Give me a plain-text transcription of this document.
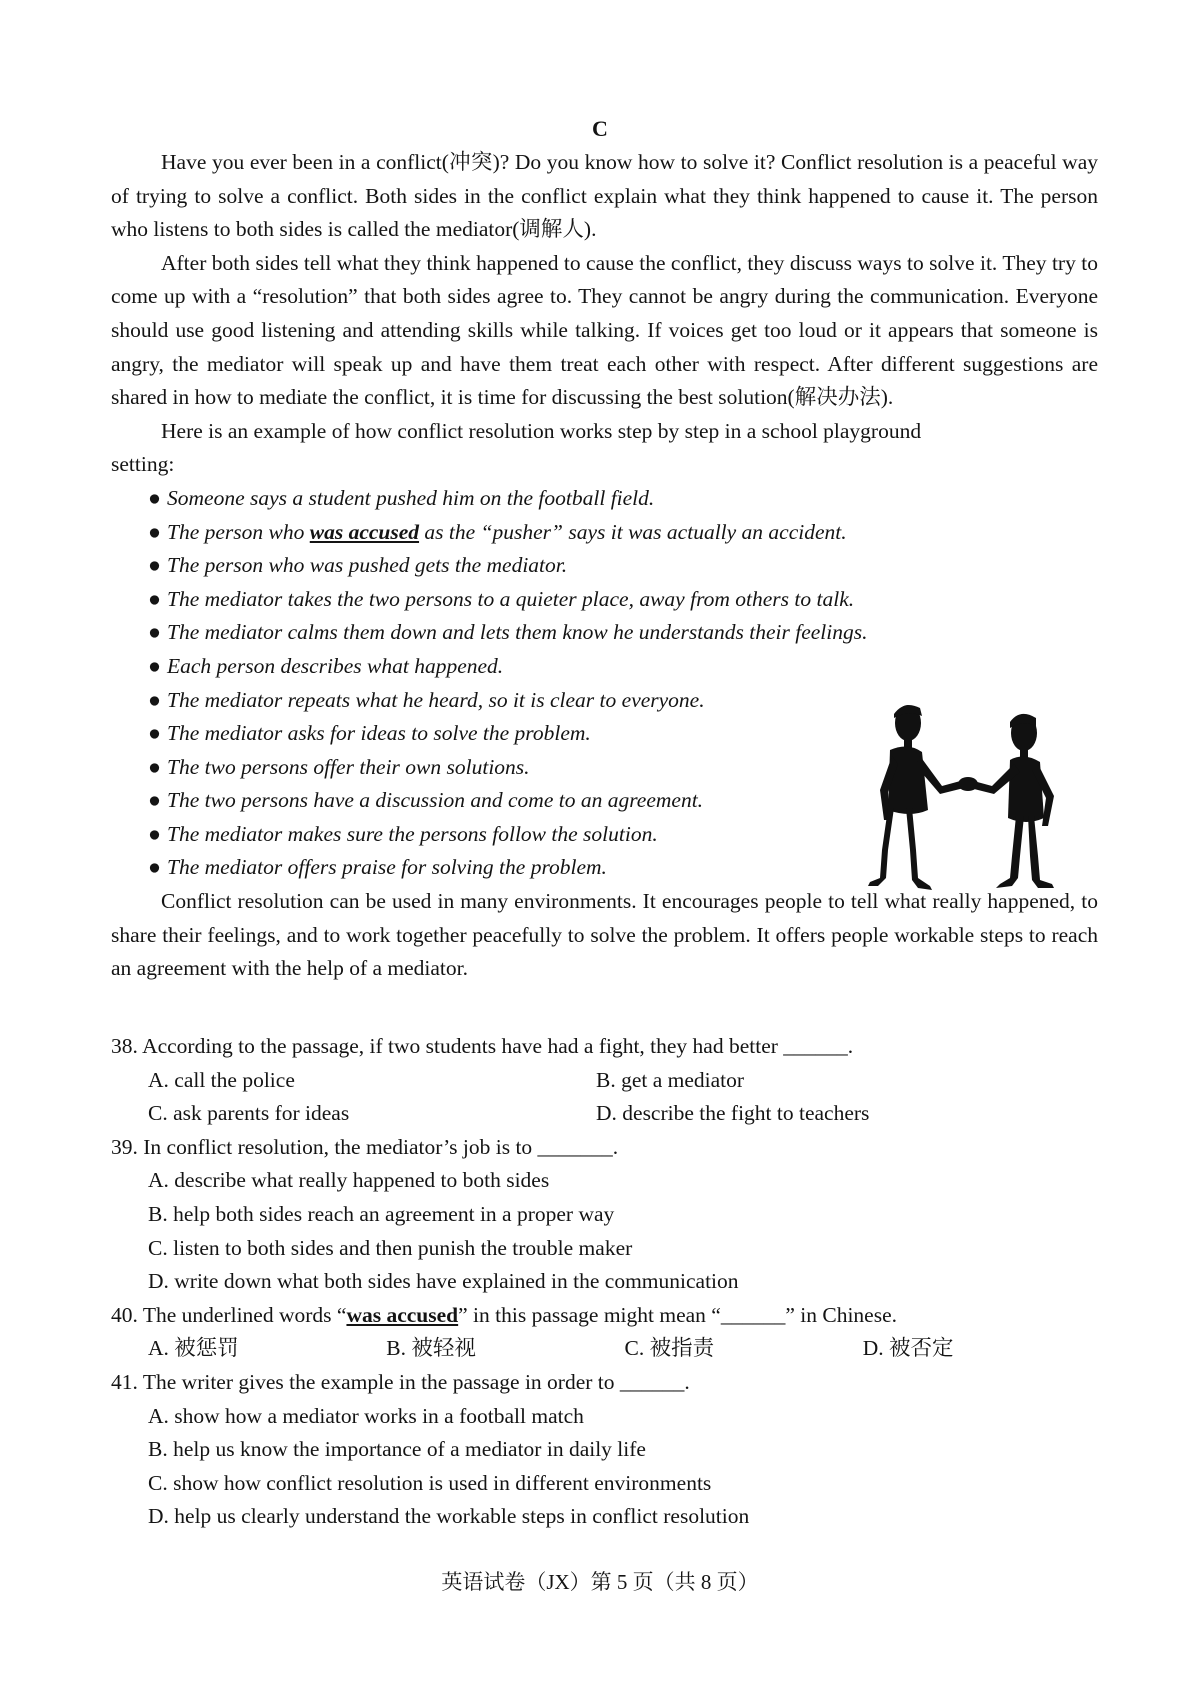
C

Have you ever been in a conflict(冲突)? Do you know how to solve it? Conflict resolution is a peaceful way of trying to solve a conflict. Both sides in the conflict explain what they think happened to cause it. The person who listens to both sides is called the mediator(调解人).

After both sides tell what they think happened to cause the conflict, they discuss ways to solve it. They try to come up with a “resolution” that both sides agree to. They cannot be angry during the communication. Everyone should use good listening and attending skills while talking. If voices get too loud or it appears that someone is angry, the mediator will speak up and have them treat each other with respect. After different suggestions are shared in how to mediate the conflict, it is time for discussing the best solution(解决办法).

Here is an example of how conflict resolution works step by step in a school playground

setting:

● Someone says a student pushed him on the football field.
● The person who was accused as the “pusher” says it was actually an accident.
● The person who was pushed gets the mediator.
● The mediator takes the two persons to a quieter place, away from others to talk.
● The mediator calms them down and lets them know he understands their feelings.
● Each person describes what happened.
● The mediator repeats what he heard, so it is clear to everyone.
● The mediator asks for ideas to solve the problem.
● The two persons offer their own solutions.
● The two persons have a discussion and come to an agreement.
● The mediator makes sure the persons follow the solution.
● The mediator offers praise for solving the problem.

Conflict resolution can be used in many environments. It encourages people to tell what really happened, to share their feelings, and to work together peacefully to solve the problem. It offers people workable steps to reach an agreement with the help of a mediator.

38. According to the passage, if two students have had a fight, they had better ______.
A. call the police	B. get a mediator
C. ask parents for ideas	D. describe the fight to teachers
39. In conflict resolution, the mediator’s job is to _______.
A. describe what really happened to both sides
B. help both sides reach an agreement in a proper way
C. listen to both sides and then punish the trouble maker
D. write down what both sides have explained in the communication
40. The underlined words “was accused” in this passage might mean “______” in Chinese.
A. 被惩罚	B. 被轻视	C. 被指责	D. 被否定
41. The writer gives the example in the passage in order to ______.
A. show how a mediator works in a football match
B. help us know the importance of a mediator in daily life
C. show how conflict resolution is used in different environments
D. help us clearly understand the workable steps in conflict resolution
英语试卷（JX）第 5 页（共 8 页）
